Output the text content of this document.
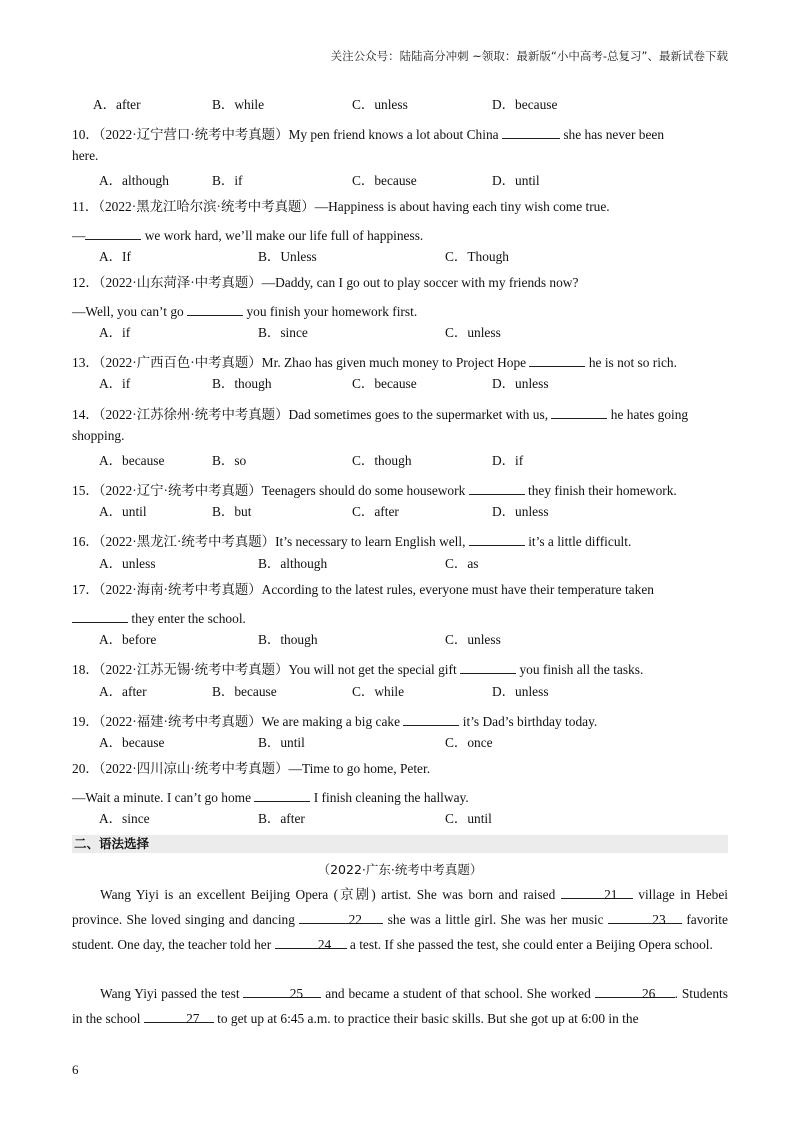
关注公众号：陆陆高分冲刺 ~领取：最新版“小中高考-总复习”、最新试卷下载
A．after	B．while	C．unless	D．because
10．（2022·辽宁营口·统考中考真题）My pen friend knows a lot about China	she has never been
here.
A．although	B．if	C．because	D．until
11．（2022·黑龙江哈尔滨·统考中考真题）—Happiness is about having each tiny wish come true.
—	we work hard, we’ll make our life full of happiness.
A．If	B．Unless	C．Though
12．（2022·山东菏泽·中考真题）—Daddy, can I go out to play soccer with my friends now?
—Well, you can’t go	you finish your homework first.
A．if	B．since	C．unless
13．（2022·广西百色·中考真题）Mr. Zhao has given much money to Project Hope	he is not so rich.
A．if	B．though	C．because	D．unless
14．（2022·江苏徐州·统考中考真题）Dad sometimes goes to the supermarket with us,	he hates going
shopping.
A．because	B．so	C．though	D．if
15．（2022·辽宁·统考中考真题）Teenagers should do some housework	they finish their homework.
A．until	B．but	C．after	D．unless
16．（2022·黑龙江·统考中考真题）It’s necessary to learn English well,	it’s a little difficult.
A．unless	B．although	C．as
17．（2022·海南·统考中考真题）According to the latest rules, everyone must have their temperature taken
they enter the school.
A．before	B．though	C．unless
18．（2022·江苏无锡·统考中考真题）You will not get the special gift	you finish all the tasks.
A．after	B．because	C．while	D．unless
19．（2022·福建·统考中考真题）We are making a big cake	it’s Dad’s birthday today.
A．because	B．until	C．once
20．（2022·四川凉山·统考中考真题）—Time to go home, Peter.
—Wait a minute. I can’t go home	I finish cleaning the hallway.
A．since	B．after	C．until
二、语法选择
（2022·广东·统考中考真题）
Wang Yiyi is an excellent Beijing Opera (京剧) artist. She was born and raised	21 village in Hebei province. She loved singing and dancing	22 she was a little girl. She was her music	23 favorite student. One day, the teacher told her	24 a test. If she passed the test, she could enter a Beijing Opera school.
Wang Yiyi passed the test	25 and became a student of that school. She worked	26 . Students in the school	27 to get up at 6:45 a.m. to practice their basic skills. But she got up at 6:00 in the
6
